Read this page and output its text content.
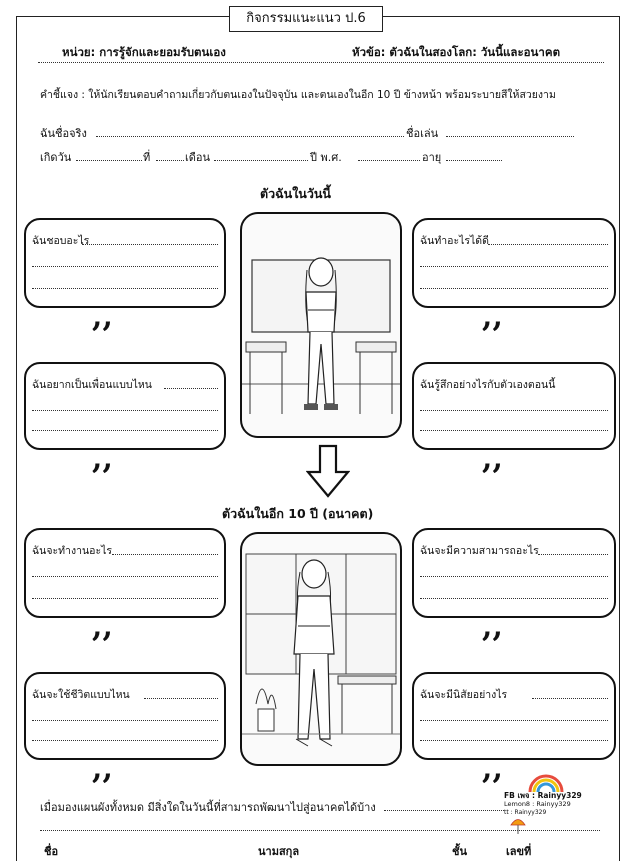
กิจกรรมแนะแนว ป.6
หน่วย: การรู้จักและยอมรับตนเอง	หัวข้อ: ตัวฉันในสองโลก: วันนี้และอนาคต
คำชี้แจง : ให้นักเรียนตอบคำถามเกี่ยวกับตนเองในปัจจุบัน และตนเองในอีก 10 ปี ข้างหน้า พร้อมระบายสีให้สวยงาม
ฉันชื่อจริง	ชื่อเล่น
เกิดวัน	ที่	เดือน	ปี พ.ศ.	อายุ
ตัวฉันในวันนี้
ฉันชอบอะไร
,,
ฉันทำอะไรได้ดี
,,
ฉันอยากเป็นเพื่อนแบบไหน
,,
ฉันรู้สึกอย่างไรกับตัวเองตอนนี้
,,
ตัวฉันในอีก 10 ปี (อนาคต)
ฉันจะทำงานอะไร
,,
ฉันจะมีความสามารถอะไร
,,
ฉันจะใช้ชีวิตแบบไหน
,,
ฉันจะมีนิสัยอย่างไร
,,
เมื่อมองแผนผังทั้งหมด มีสิ่งใดในวันนี้ที่สามารถพัฒนาไปสู่อนาคตได้บ้าง
ชื่อ	นามสกุล	ชั้น	เลขที่
FB เพจ : Rainyy329
Lemon8 : Rainyy329
tt : Rainyy329
